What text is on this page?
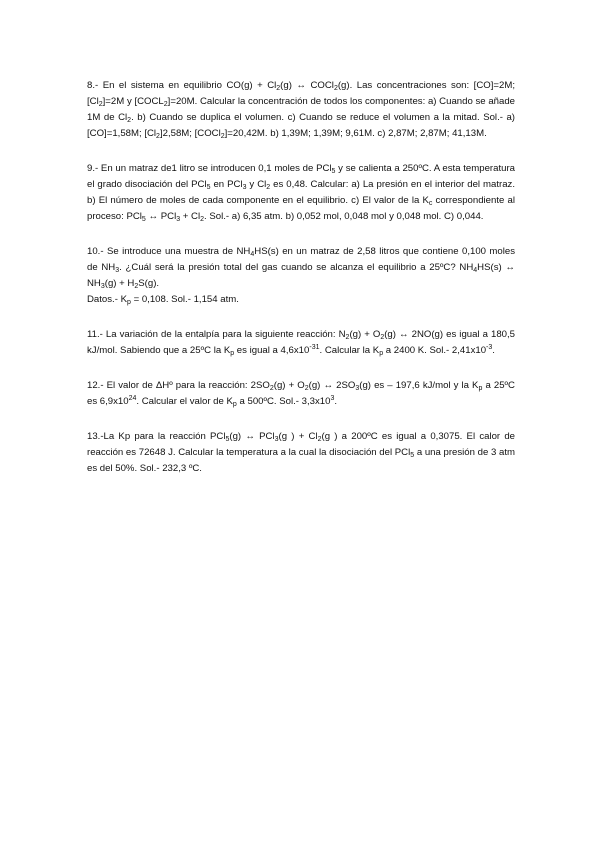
8.- En el sistema en equilibrio $CO(g) + Cl_2(g)$ ↔ COCl$_2$(g). Las concentraciones son: [CO]=2M; $[Cl_2]=2M$ y $[COCL_2]=20M$. Calcular la concentración de todos los componentes: a) Cuando se añade 1M de $Cl_2$. b) Cuando se duplica el volumen. c) Cuando se reduce el volumen a la mitad. Sol.- a) [CO]=1,58M; $[Cl_2]2,58M$; [COCl$_2$]=20,42M. b) 1,39M; 1,39M; 9,61M. c) 2,87M; 2,87M; 41,13M.

9.- En un matraz de1 litro se introducen 0,1 moles de PCl$_5$ y se calienta a 250ºC. A esta temperatura el grado disociación del PCl$_5$ en PCl$_3$ y $Cl_2$ es 0,48. Calcular: a) La presión en el interior del matraz. b) El número de moles de cada componente en el equilibrio. c) El valor de la $K_c$ correspondiente al proceso: PCl$_5$ ↔ $PCl_3 + Cl_2$. Sol.- a) 6,35 atm. b) 0,052 mol, 0,048 mol y 0,048 mol. C) 0,044.

10.- Se introduce una muestra de $NH_4HS(s)$ en un matraz de 2,58 litros que contiene 0,100 moles de $NH_3$. ¿Cuál será la presión total del gas cuando se alcanza el equilibrio a 25ºC? $NH_4HS(s)$ ↔ $NH_3(g) + H_2S(g)$.

Datos.- $K_p = 0,108$. Sol.- 1,154 atm.

11.- La variación de la entalpía para la siguiente reacción: $N_2(g) + O_2(g)$ ↔ 2NO(g) es igual a 180,5 kJ/mol. Sabiendo que a 25ºC la $K_p$ es igual a $4,6x10^{-31}$. Calcular la $K_p$ a 2400 K. Sol.- $2,41x10^{-3}$.

12.- El valor de ΔHº para la reacción: $2SO_2(g) + O_2(g)$ ↔ $2SO_3(g)$ es – 197,6 kJ/mol y la $K_p$ a 25ºC es $6,9x10^{24}$. Calcular el valor de $K_p$ a 500ºC. Sol.- $3,3x10^3$.

13.-La Kp para la reacción PCl$_5$(g) ↔ PCl$_3$(g ) + $Cl_2(g$ ) a 200ºC es igual a 0,3075. El calor de reacción es 72648 J. Calcular la temperatura a la cual la disociación del PCl$_5$ a una presión de 3 atm es del 50%. Sol.- 232,3 ºC.
